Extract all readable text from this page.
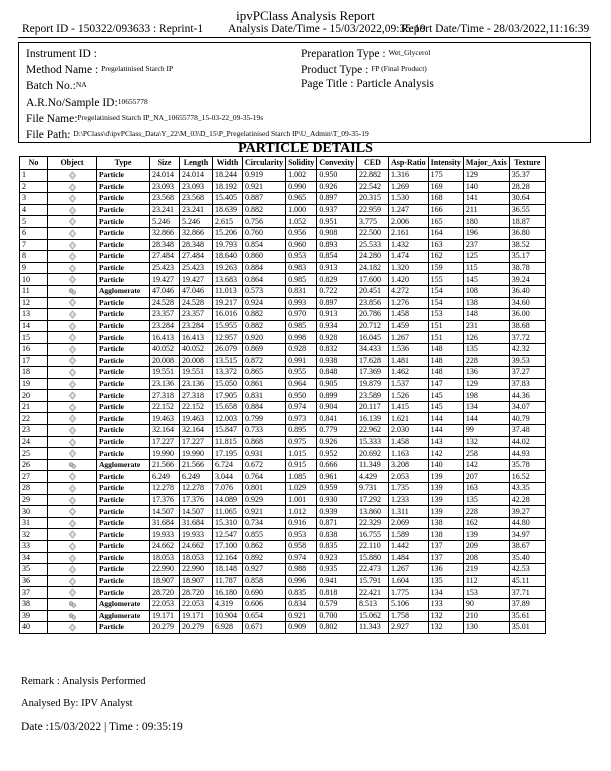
ipvPClass Analysis Report
Report ID - 150322/093633 : Reprint-1 Analysis Date/Time - 15/03/2022,09:35:19
Report Date/Time - 28/03/2022,11:16:39
Instrument ID :
Method Name : Pregelatinised Starch IP
Batch No.:NA
A.R.No/Sample ID:10655778
File Name:Pregelatinised Starch IP_NA_10655778_15-03-22_09-35-19s
File Path: D:\PClass\d\ipvPClass_Data\Y_22\M_03\D_15\P_Pregelatinised Starch IP\U_Admin\T_09-35-19
Preparation Type : Wet_Glycerol
Product Type : FP (Final Product)
Page Title : Particle Analysis
PARTICLE DETAILS
No	Object	Type	Size	Length	Width	Circularity	Solidity	Convexity	CED	Asp-Ratio	Intensity	Major_Axis	Texture
1		Particle	24.014	24.014	18.244	0.919	1.002	0.950	22.882	1.316	175	129	35.37
2		Particle	23.093	23.093	18.192	0.921	0.990	0.926	22.542	1.269	169	140	28.28
3		Particle	23.568	23.568	15.405	0.887	0.965	0.897	20.315	1.530	168	141	30.64
4		Particle	23.241	23.241	18.639	0.882	1.000	0.937	22.959	1.247	166	211	36.55
5		Particle	5.246	5.246	2.615	0.756	1.052	0.951	3.775	2.006	165	180	18.87
6		Particle	32.866	32.866	15.206	0.760	0.956	0.908	22.500	2.161	164	196	36.80
7		Particle	28.348	28.348	19.793	0.854	0.960	0.893	25.533	1.432	163	237	38.52
8		Particle	27.484	27.484	18.640	0.860	0.953	0.854	24.280	1.474	162	125	35.17
9		Particle	25.423	25.423	19.263	0.884	0.983	0.913	24.182	1.320	159	115	38.78
10		Particle	19.427	19.427	13.683	0.864	0.985	0.829	17.600	1.420	155	145	39.24
11		Agglomerate	47.046	47.046	11.013	0.573	0.831	0.722	20.451	4.272	154	108	36.40
12		Particle	24.528	24.528	19.217	0.924	0.993	0.897	23.856	1.276	154	138	34.60
13		Particle	23.357	23.357	16.016	0.882	0.970	0.913	20.786	1.458	153	148	36.00
14		Particle	23.284	23.284	15.955	0.882	0.985	0.934	20.712	1.459	151	231	38.68
15		Particle	16.413	16.413	12.957	0.920	0.998	0.928	16.045	1.267	151	126	37.72
16		Particle	40.052	40.052	26.079	0.869	0.928	0.832	34.433	1.536	148	135	42.32
17		Particle	20.008	20.008	13.515	0.872	0.991	0.938	17.628	1.481	148	228	39.53
18		Particle	19.551	19.551	13.372	0.865	0.955	0.848	17.369	1.462	148	136	37.27
19		Particle	23.136	23.136	15.050	0.861	0.964	0.905	19.879	1.537	147	129	37.83
20		Particle	27.318	27.318	17.905	0.831	0.950	0.899	23.589	1.526	145	198	44.36
21		Particle	22.152	22.152	15.658	0.884	0.974	0.904	20.117	1.415	145	134	34.07
22		Particle	19.463	19.463	12.003	0.799	0.973	0.841	16.139	1.621	144	144	40.79
23		Particle	32.164	32.164	15.847	0.733	0.895	0.779	22.962	2.030	144	99	37.48
24		Particle	17.227	17.227	11.815	0.868	0.975	0.926	15.333	1.458	143	132	44.02
25		Particle	19.990	19.990	17.195	0.931	1.015	0.952	20.692	1.163	142	258	44.93
26		Agglomerate	21.566	21.566	6.724	0.672	0.915	0.666	11.349	3.208	140	142	35.78
27		Particle	6.249	6.249	3.044	0.764	1.085	0.961	4.429	2.053	139	207	16.52
28		Particle	12.278	12.278	7.076	0.801	1.029	0.959	9.731	1.735	139	163	43.35
29		Particle	17.376	17.376	14.089	0.929	1.001	0.930	17.292	1.233	139	135	42.28
30		Particle	14.507	14.507	11.065	0.921	1.012	0.939	13.860	1.311	139	228	39.27
31		Particle	31.684	31.684	15.310	0.734	0.916	0.871	22.329	2.069	138	162	44.80
32		Particle	19.933	19.933	12.547	0.855	0.953	0.838	16.755	1.589	138	139	34.97
33		Particle	24.662	24.662	17.100	0.862	0.958	0.835	22.110	1.442	137	209	38.67
34		Particle	18.053	18.053	12.164	0.892	0.974	0.923	15.880	1.484	137	208	35.40
35		Particle	22.990	22.990	18.148	0.927	0.988	0.935	22.473	1.267	136	219	42.53
36		Particle	18.907	18.907	11.787	0.858	0.996	0.941	15.791	1.604	135	112	45.11
37		Particle	28.720	28.720	16.180	0.690	0.835	0.818	22.421	1.775	134	153	37.71
38		Agglomerate	22.053	22.053	4.319	0.606	0.834	0.579	8.513	5.106	133	90	37.89
39		Agglomerate	19.171	19.171	10.904	0.654	0.921	0.700	15.062	1.758	132	210	35.61
40		Particle	20.279	20.279	6.928	0.671	0.909	0.802	11.343	2.927	132	130	35.01
Remark : Analysis Performed
Analysed By: IPV Analyst
Date :15/03/2022 | Time : 09:35:19
